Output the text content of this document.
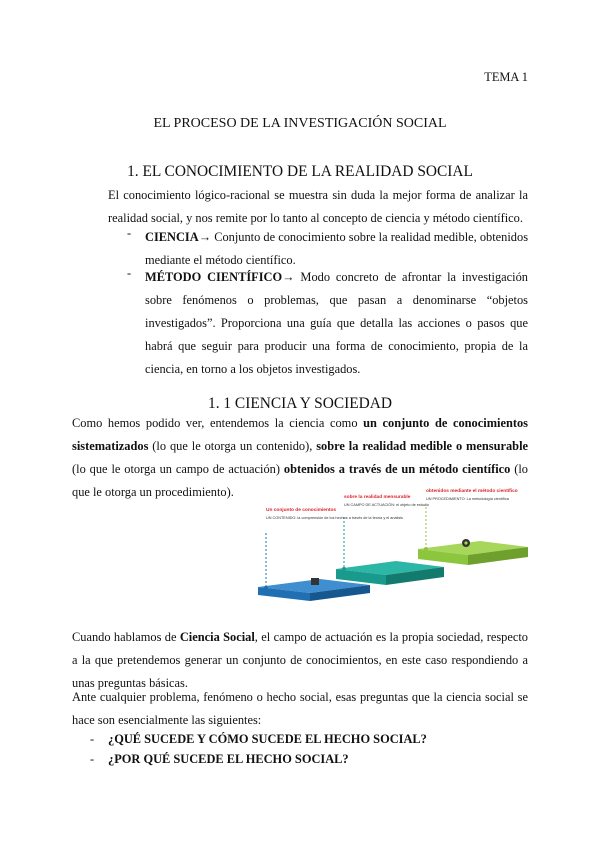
TEMA 1
EL PROCESO DE LA INVESTIGACIÓN SOCIAL
1. EL CONOCIMIENTO DE LA REALIDAD SOCIAL
El conocimiento lógico-racional se muestra sin duda la mejor forma de analizar la realidad social, y nos remite por lo tanto al concepto de ciencia y método científico.
- CIENCIA→ Conjunto de conocimiento sobre la realidad medible, obtenidos mediante el método científico.
- MÉTODO CIENTÍFICO→ Modo concreto de afrontar la investigación sobre fenómenos o problemas, que pasan a denominarse “objetos investigados”. Proporciona una guía que detalla las acciones o pasos que habrá que seguir para producir una forma de conocimiento, propia de la ciencia, en torno a los objetos investigados.
1. 1 CIENCIA Y SOCIEDAD
Como hemos podido ver, entendemos la ciencia como un conjunto de conocimientos sistematizados (lo que le otorga un contenido), sobre la realidad medible o mensurable (lo que le otorga un campo de actuación) obtenidos a través de un método científico (lo que le otorga un procedimiento).
Un conjunto de conocimientos
UN CONTENIDO: la comprensión de los hechos a través de la teoría y el análisis
sobre la realidad mensurable
UN CAMPO DE ACTUACIÓN: el objeto de estudio
obtenidos mediante el método científico
UN PROCEDIMIENTO: La metodología científica
Cuando hablamos de Ciencia Social, el campo de actuación es la propia sociedad, respecto a la que pretendemos generar un conjunto de conocimientos, en este caso respondiendo a unas preguntas básicas.
Ante cualquier problema, fenómeno o hecho social, esas preguntas que la ciencia social se hace son esencialmente las siguientes:
- ¿QUÉ SUCEDE Y CÓMO SUCEDE EL HECHO SOCIAL?
- ¿POR QUÉ SUCEDE EL HECHO SOCIAL?
